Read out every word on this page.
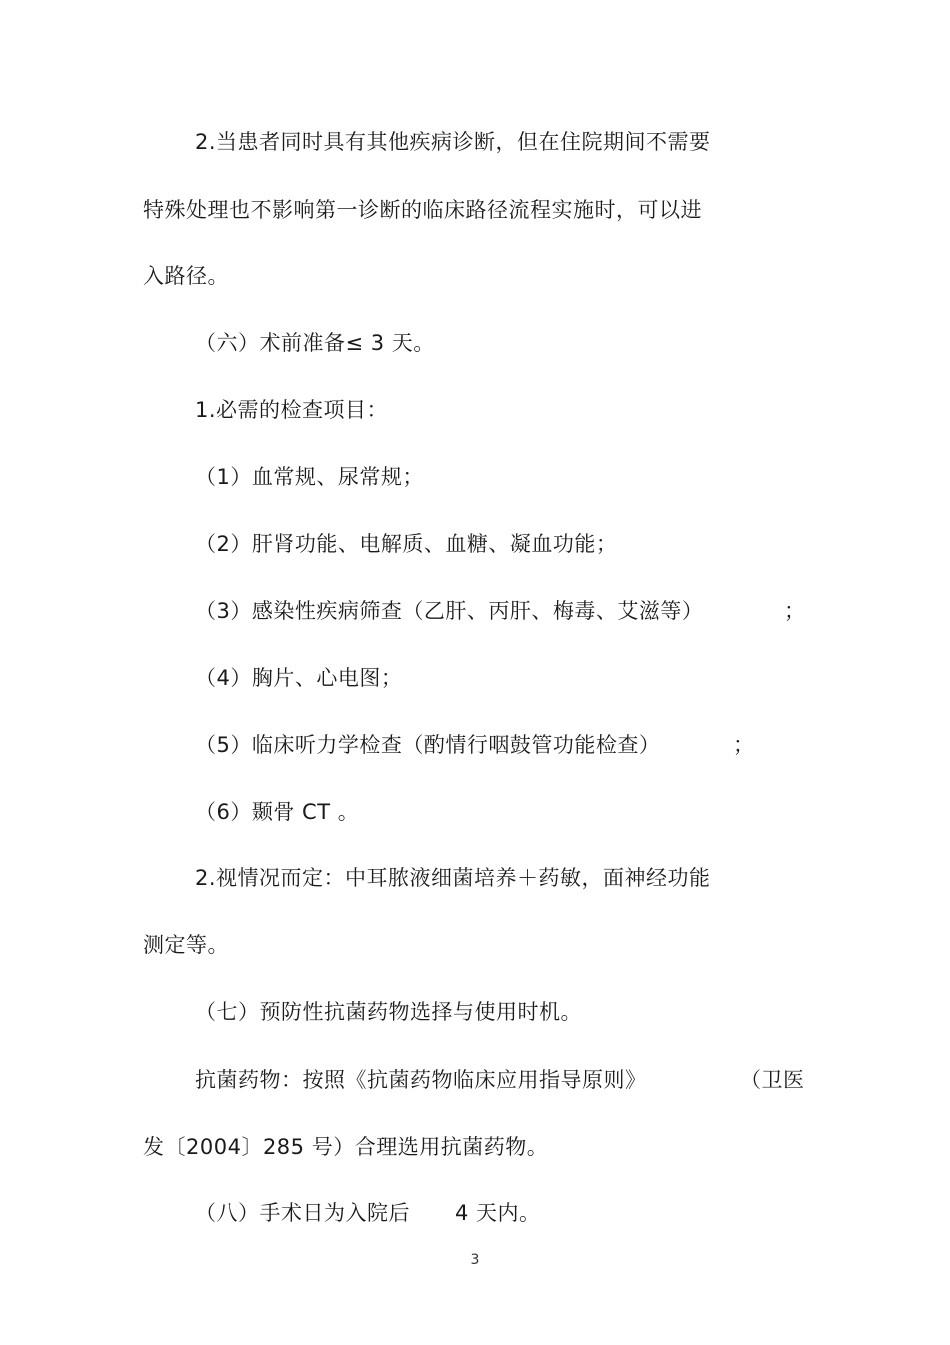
2.当患者同时具有其他疾病诊断，但在住院期间不需要
特殊处理也不影响第一诊断的临床路径流程实施时，可以进
入路径。
（六）术前准备≤ 3 天。
1.必需的检查项目：
（1）血常规、尿常规；
（2）肝肾功能、电解质、血糖、凝血功能；
（3）感染性疾病筛查（乙肝、丙肝、梅毒、艾滋等）	；
（4）胸片、心电图；
（5）临床听力学检查（酌情行咽鼓管功能检查）	；
（6）颞骨 CT 。
2.视情况而定：中耳脓液细菌培养＋药敏，面神经功能
测定等。
（七）预防性抗菌药物选择与使用时机。
抗菌药物：按照《抗菌药物临床应用指导原则》	（卫医
发〔2004〕285 号）合理选用抗菌药物。
（八）手术日为入院后 4 天内。
3
